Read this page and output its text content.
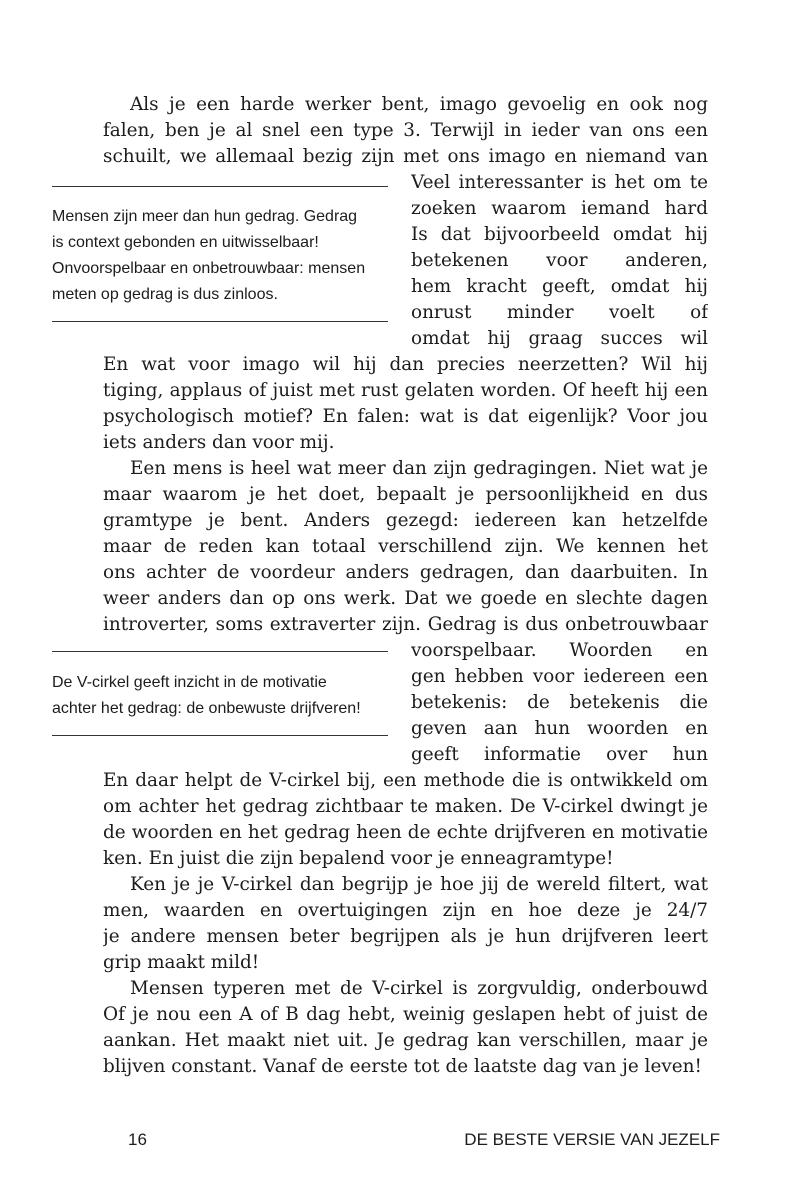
Als je een harde werker bent, imago gevoelig en ook nog
falen, ben je al snel een type 3. Terwijl in ieder van ons een
schuilt, we allemaal bezig zijn met ons imago en niemand van
Veel interessanter is het om te
zoeken waarom iemand hard
Is dat bijvoorbeeld omdat hij
betekenen voor anderen,
hem kracht geeft, omdat hij
onrust minder voelt of
omdat hij graag succes wil
En wat voor imago wil hij dan precies neerzetten? Wil hij
tiging, applaus of juist met rust gelaten worden. Of heeft hij een
psychologisch motief? En falen: wat is dat eigenlijk? Voor jou
iets anders dan voor mij.
Een mens is heel wat meer dan zijn gedragingen. Niet wat je
maar waarom je het doet, bepaalt je persoonlijkheid en dus
gramtype je bent. Anders gezegd: iedereen kan hetzelfde
maar de reden kan totaal verschillend zijn. We kennen het
ons achter de voordeur anders gedragen, dan daarbuiten. In
weer anders dan op ons werk. Dat we goede en slechte dagen
introverter, soms extraverter zijn. Gedrag is dus onbetrouwbaar
voorspelbaar. Woorden en
gen hebben voor iedereen een
betekenis: de betekenis die
geven aan hun woorden en
geeft informatie over hun
En daar helpt de V-cirkel bij, een methode die is ontwikkeld om
om achter het gedrag zichtbaar te maken. De V-cirkel dwingt je
de woorden en het gedrag heen de echte drijfveren en motivatie
ken. En juist die zijn bepalend voor je enneagramtype!
Ken je je V-cirkel dan begrijp je hoe jij de wereld filtert, wat
men, waarden en overtuigingen zijn en hoe deze je 24/7
je andere mensen beter begrijpen als je hun drijfveren leert
grip maakt mild!
Mensen typeren met de V-cirkel is zorgvuldig, onderbouwd
Of je nou een A of B dag hebt, weinig geslapen hebt of juist de
aankan. Het maakt niet uit. Je gedrag kan verschillen, maar je
blijven constant. Vanaf de eerste tot de laatste dag van je leven!
Mensen zijn meer dan hun gedrag. Gedrag
is context gebonden en uitwisselbaar!
Onvoorspelbaar en onbetrouwbaar: mensen
meten op gedrag is dus zinloos.
De V-cirkel geeft inzicht in de motivatie
achter het gedrag: de onbewuste drijfveren!
16	DE BESTE VERSIE VAN JEZELF
